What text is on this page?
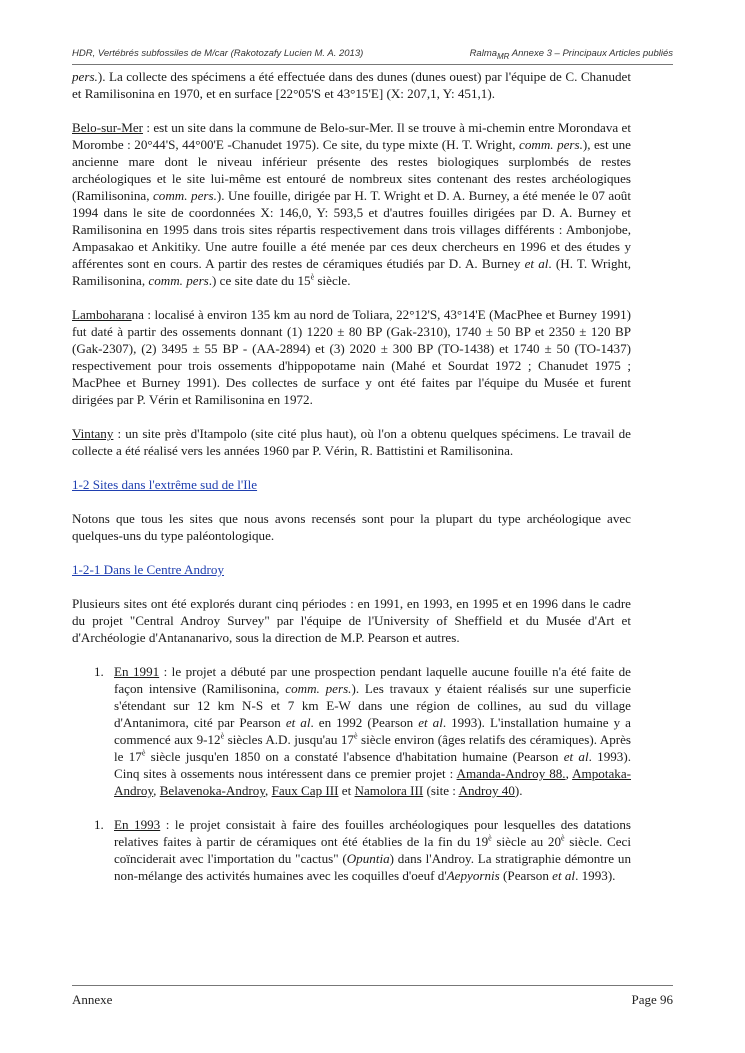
HDR, Vertébrés subfossiles de M/car (Rakotozafy Lucien M. A. 2013)	Ralma$_{MR}$ Annexe 3 – Principaux Articles publiés

pers.). La collecte des spécimens a été effectuée dans des dunes (dunes ouest) par l'équipe de C. Chanudet et Ramilisonina en 1970, et en surface [22°05'S et 43°15'E] (X: 207,1, Y: 451,1).

Belo-sur-Mer : est un site dans la commune de Belo-sur-Mer. Il se trouve à mi-chemin entre Morondava et Morombe : 20°44'S, 44°00'E -Chanudet 1975). Ce site, du type mixte (H. T. Wright, comm. pers.), est une ancienne mare dont le niveau inférieur présente des restes biologiques surplombés de restes archéologiques et le site lui-même est entouré de nombreux sites contenant des restes archéologiques (Ramilisonina, comm. pers.). Une fouille, dirigée par H. T. Wright et D. A. Burney, a été menée le 07 août 1994 dans le site de coordonnées X: 146,0, Y: 593,5 et d'autres fouilles dirigées par D. A. Burney et Ramilisonina en 1995 dans trois sites répartis respectivement dans trois villages différents : Ambonjobe, Ampasakao et Ankitiky. Une autre fouille a été menée par ces deux chercheurs en 1996 et des études y afférentes sont en cours. A partir des restes de céramiques étudiés par D. A. Burney et al. (H. T. Wright, Ramilisonina, comm. pers.) ce site date du $15^è$ siècle.

Lamboharana : localisé à environ 135 km au nord de Toliara, 22°12'S, 43°14'E (MacPhee et Burney 1991) fut daté à partir des ossements donnant (1) 1220 ± 80 BP (Gak-2310), 1740 ± 50 BP et 2350 ± 120 BP (Gak-2307), (2) 3495 ± 55 BP - (AA-2894) et (3) 2020 ± 300 BP (TO-1438) et 1740 ± 50 (TO-1437) respectivement pour trois ossements d'hippopotame nain (Mahé et Sourdat 1972 ; Chanudet 1975 ; MacPhee et Burney 1991). Des collectes de surface y ont été faites par l'équipe du Musée et furent dirigées par P. Vérin et Ramilisonina en 1972.

Vintany : un site près d'Itampolo (site cité plus haut), où l'on a obtenu quelques spécimens. Le travail de collecte a été réalisé vers les années 1960 par P. Vérin, R. Battistini et Ramilisonina.

1-2 Sites dans l'extrême sud de l'Ile

Notons que tous les sites que nous avons recensés sont pour la plupart du type archéologique avec quelques-uns du type paléontologique.

1-2-1 Dans le Centre Androy

Plusieurs sites ont été explorés durant cinq périodes : en 1991, en 1993, en 1995 et en 1996 dans le cadre du projet "Central Androy Survey" par l'équipe de l'University of Sheffield et du Musée d'Art et d'Archéologie d'Antananarivo, sous la direction de M.P. Pearson et autres.

1. En 1991 : le projet a débuté par une prospection pendant laquelle aucune fouille n'a été faite de façon intensive (Ramilisonina, comm. pers.). Les travaux y étaient réalisés sur une superficie s'étendant sur 12 km N-S et 7 km E-W dans une région de collines, au sud du village d'Antanimora, cité par Pearson et al. en 1992 (Pearson et al. 1993). L'installation humaine y a commencé aux $9-12^è$ siècles A.D. jusqu'au $17^è$ siècle environ (âges relatifs des céramiques). Après le $17^è$ siècle jusqu'en 1850 on a constaté l'absence d'habitation humaine (Pearson et al. 1993). Cinq sites à ossements nous intéressent dans ce premier projet : Amanda-Androy 88., Ampotaka-Androy, Belavenoka-Androy, Faux Cap III et Namolora III (site : Androy 40).
1. En 1993 : le projet consistait à faire des fouilles archéologiques pour lesquelles des datations relatives faites à partir de céramiques ont été établies de la fin du $19^è$ siècle au $20^è$ siècle. Ceci coïnciderait avec l'importation du "cactus" (Opuntia) dans l'Androy. La stratigraphie démontre un non-mélange des activités humaines avec les coquilles d'oeuf d'Aepyornis (Pearson et al. 1993).
Annexe	Page 96
